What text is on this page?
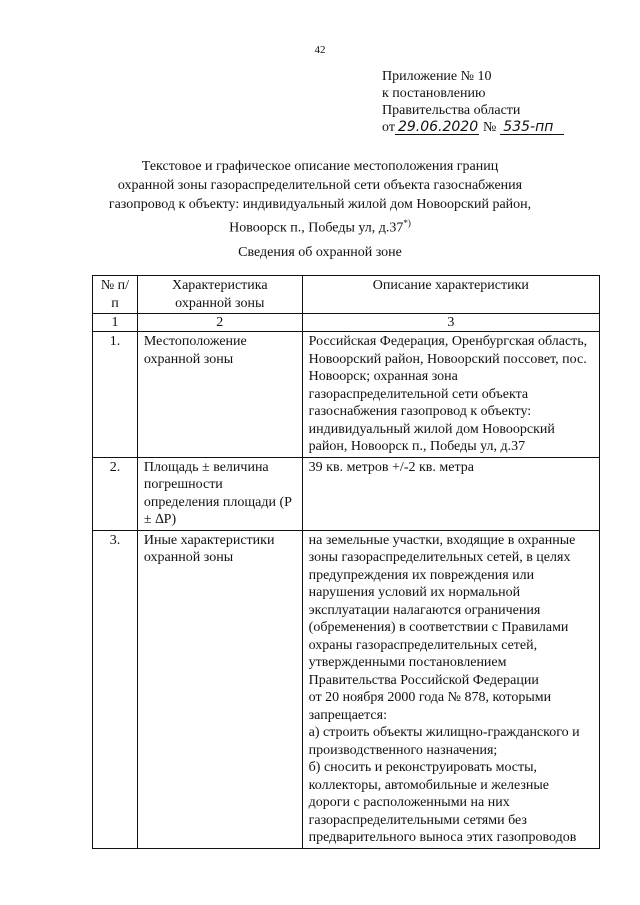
42
Приложение № 10
к постановлению
Правительства области
от 29.06.2020 № 535-пп
Текстовое и графическое описание местоположения границ
охранной зоны газораспределительной сети объекта газоснабжения
газопровод к объекту: индивидуальный жилой дом Новоорский район,
Новоорск п., Победы ул, д.37*)
Сведения об охранной зоне
№ п/п	Характеристика охранной зоны	Описание характеристики
1	2	3
1.	Местоположение охранной зоны	Российская Федерация, Оренбургская область, Новоорский район, Новоорский поссовет, пос. Новоорск; охранная зона газораспределительной сети объекта газоснабжения газопровод к объекту: индивидуальный жилой дом Новоорский район, Новоорск п., Победы ул, д.37

2.	Площадь ± величина погрешности определения площади (Р ± ∆Р)	39 кв. метров +/-2 кв. метра

3.	Иные характеристики охранной зоны	на земельные участки, входящие в охранные зоны газораспределительных сетей, в целях предупреждения их повреждения или нарушения условий их нормальной эксплуатации налагаются ограничения (обременения) в соответствии с Правилами охраны газораспределительных сетей, утвержденными постановлением Правительства Российской Федерации

от 20 ноября 2000 года № 878, которыми запрещается:

а) строить объекты жилищно-гражданского и производственного назначения;

б) сносить и реконструировать мосты, коллекторы, автомобильные и железные дороги с расположенными на них газораспределительными сетями без предварительного выноса этих газопроводов
